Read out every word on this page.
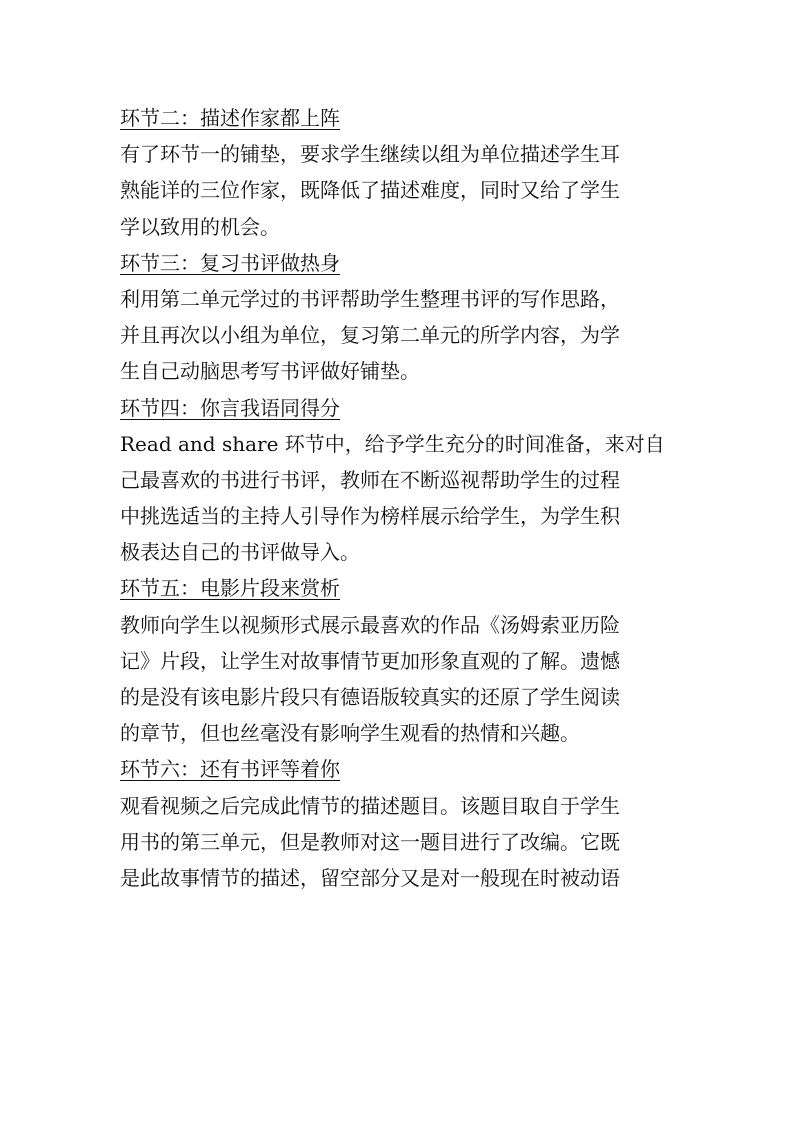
环节二：描述作家都上阵
有了环节一的铺垫，要求学生继续以组为单位描述学生耳
熟能详的三位作家，既降低了描述难度，同时又给了学生
学以致用的机会。
环节三：复习书评做热身
利用第二单元学过的书评帮助学生整理书评的写作思路，
并且再次以小组为单位，复习第二单元的所学内容，为学
生自己动脑思考写书评做好铺垫。
环节四：你言我语同得分
Read and share 环节中，给予学生充分的时间准备，来对自
己最喜欢的书进行书评，教师在不断巡视帮助学生的过程
中挑选适当的主持人引导作为榜样展示给学生，为学生积
极表达自己的书评做导入。
环节五：电影片段来赏析
教师向学生以视频形式展示最喜欢的作品《汤姆索亚历险
记》片段，让学生对故事情节更加形象直观的了解。遗憾
的是没有该电影片段只有德语版较真实的还原了学生阅读
的章节，但也丝毫没有影响学生观看的热情和兴趣。
环节六：还有书评等着你
观看视频之后完成此情节的描述题目。该题目取自于学生
用书的第三单元，但是教师对这一题目进行了改编。它既
是此故事情节的描述，留空部分又是对一般现在时被动语
